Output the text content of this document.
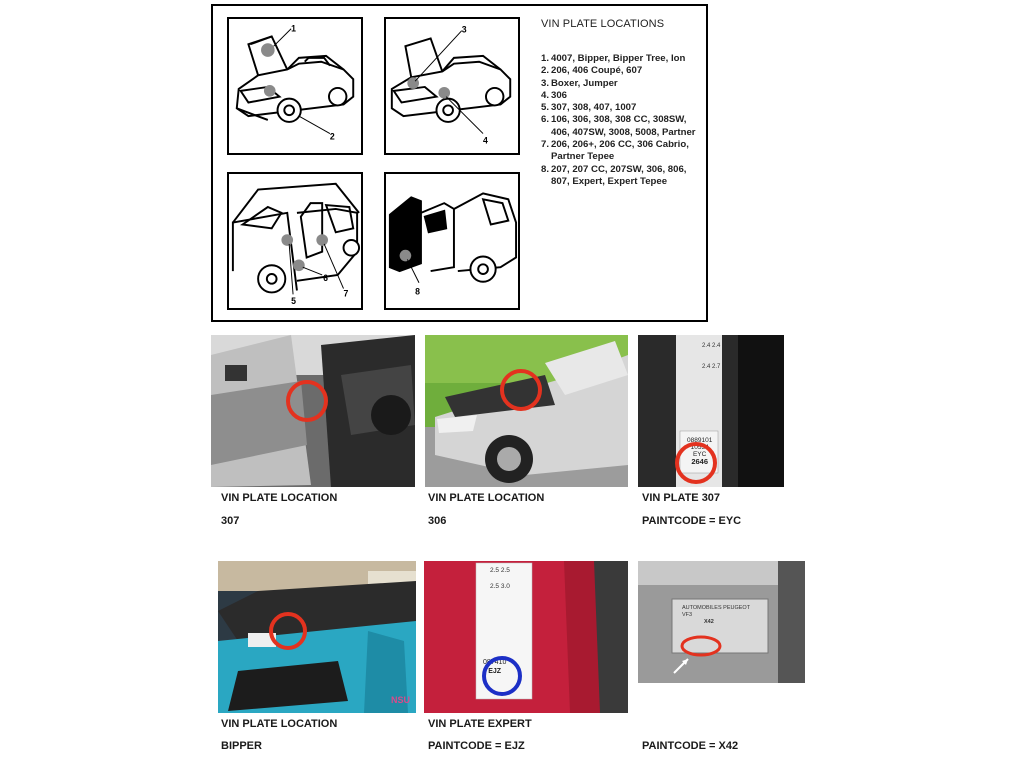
1
2
3
4
5
6
7	8
VIN PLATE LOCATIONS
1. 4007, Bipper, Bipper Tree, Ion
2. 206, 406 Coupé, 607
3. Boxer, Jumper
4. 306
5. 307, 308, 407, 1007
6. 106, 306, 308, 308 CC, 308SW,
406, 407SW, 3008, 5008, Partner
7. 206, 206+, 206 CC, 306 Cabrio,
Partner Tepee
8. 207, 207 CC, 207SW, 306, 806,
807, Expert, Expert Tepee
2.4 2.4

2.4 2.7
0889101
10554
EYC
2646
VIN PLATE LOCATION
307
VIN PLATE LOCATION
306
VIN PLATE 307
PAINTCODE = EYC
NSU
2.5 2.5

2.5 3.0
087410
EJZ
AUTOMOBILES PEUGEOT
VF3
X42
VIN PLATE LOCATION
BIPPER
VIN PLATE EXPERT
PAINTCODE = EJZ	PAINTCODE = X42
